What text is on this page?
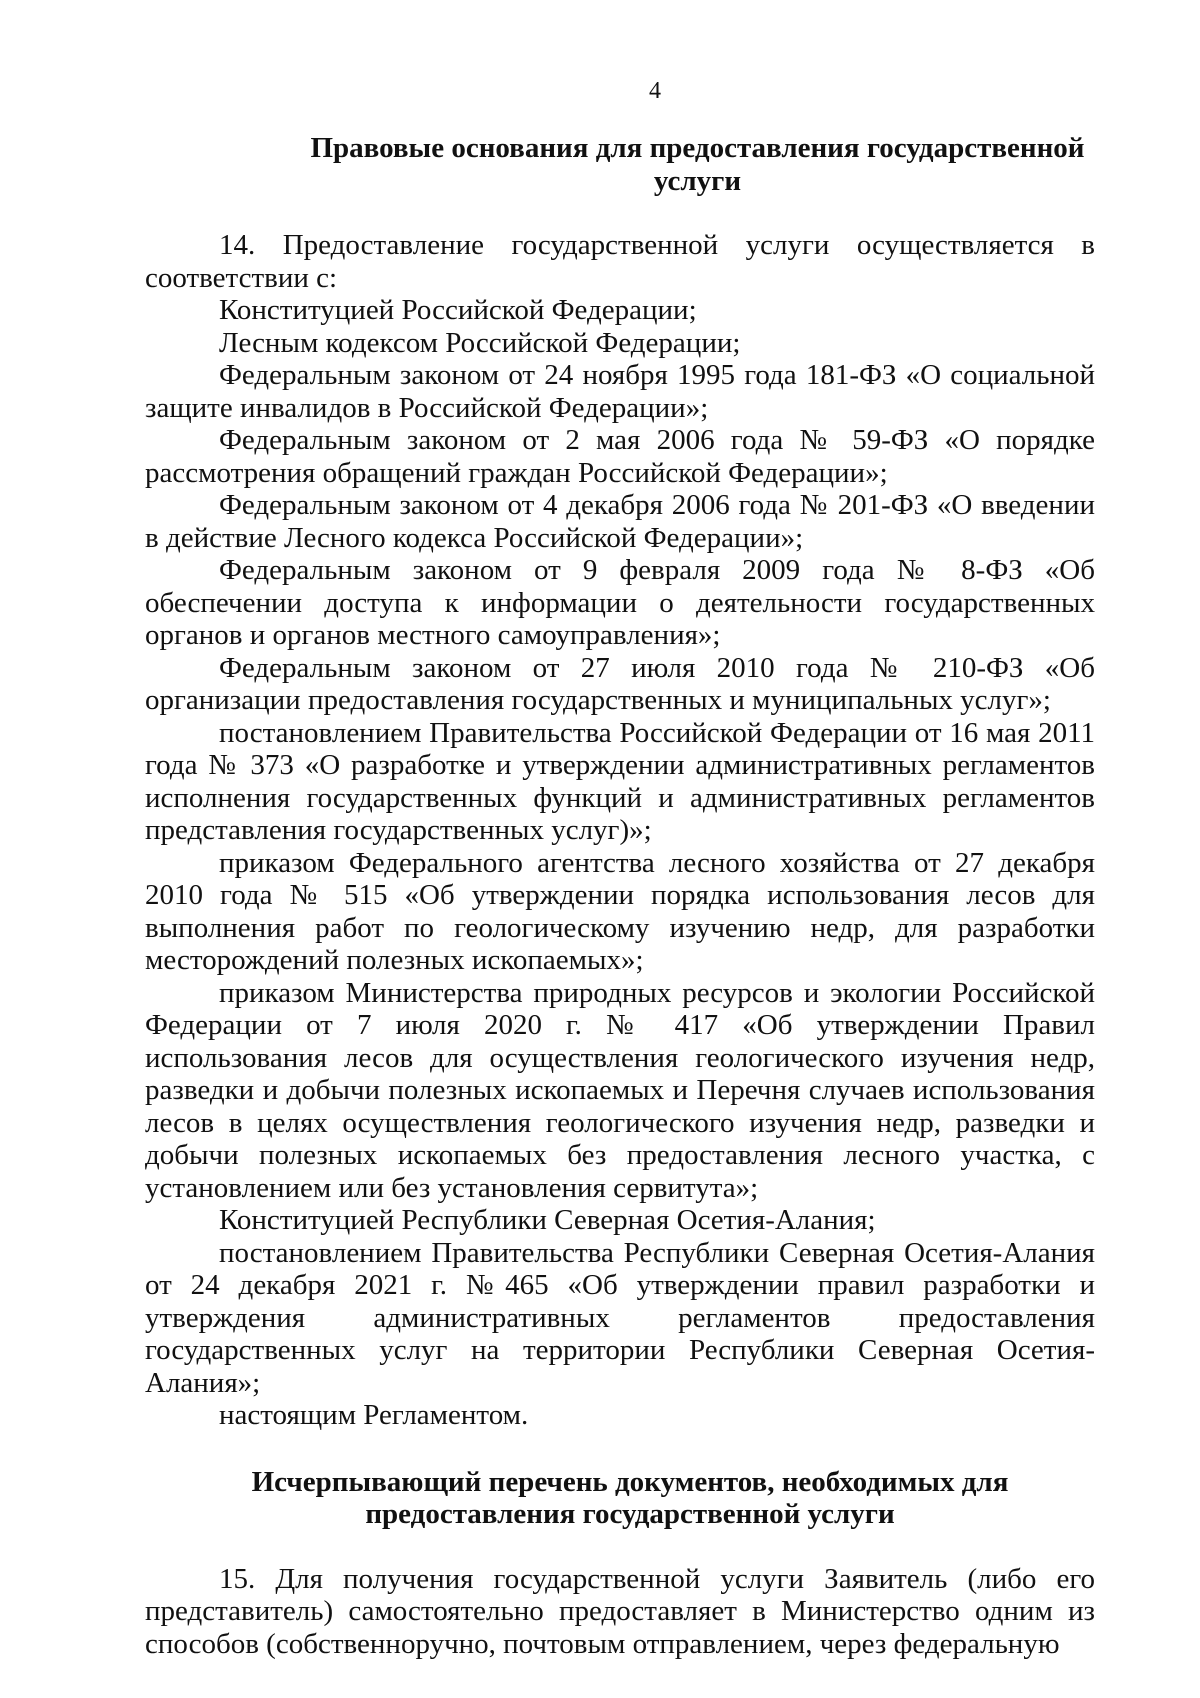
4

Правовые основания для предоставления государственной услуги

14. Предоставление государственной услуги осуществляется в соответствии с:

Конституцией Российской Федерации;

Лесным кодексом Российской Федерации;

Федеральным законом от 24 ноября 1995 года 181-ФЗ «О социальной защите инвалидов в Российской Федерации»;

Федеральным законом от 2 мая 2006 года № 59-ФЗ «О порядке рассмотрения обращений граждан Российской Федерации»;

Федеральным законом от 4 декабря 2006 года № 201-ФЗ «О введении в действие Лесного кодекса Российской Федерации»;

Федеральным законом от 9 февраля 2009 года № 8-ФЗ «Об обеспечении доступа к информации о деятельности государственных органов и органов местного самоуправления»;

Федеральным законом от 27 июля 2010 года № 210-ФЗ «Об организации предоставления государственных и муниципальных услуг»;

постановлением Правительства Российской Федерации от 16 мая 2011 года № 373 «О разработке и утверждении административных регламентов исполнения государственных функций и административных регламентов представления государственных услуг)»;

приказом Федерального агентства лесного хозяйства от 27 декабря 2010 года № 515 «Об утверждении порядка использования лесов для выполнения работ по геологическому изучению недр, для разработки месторождений полезных ископаемых»;

приказом Министерства природных ресурсов и экологии Российской Федерации от 7 июля 2020 г. № 417 «Об утверждении Правил использования лесов для осуществления геологического изучения недр, разведки и добычи полезных ископаемых и Перечня случаев использования лесов в целях осуществления геологического изучения недр, разведки и добычи полезных ископаемых без предоставления лесного участка, с установлением или без установления сервитута»;

Конституцией Республики Северная Осетия-Алания;

постановлением Правительства Республики Северная Осетия-Алания от 24 декабря 2021 г. №465 «Об утверждении правил разработки и утверждения административных регламентов предоставления государственных услуг на территории Республики Северная Осетия-Алания»;

настоящим Регламентом.

Исчерпывающий перечень документов, необходимых для
предоставления государственной услуги

15. Для получения государственной услуги Заявитель (либо его представитель) самостоятельно предоставляет в Министерство одним из способов (собственноручно, почтовым отправлением, через федеральную
